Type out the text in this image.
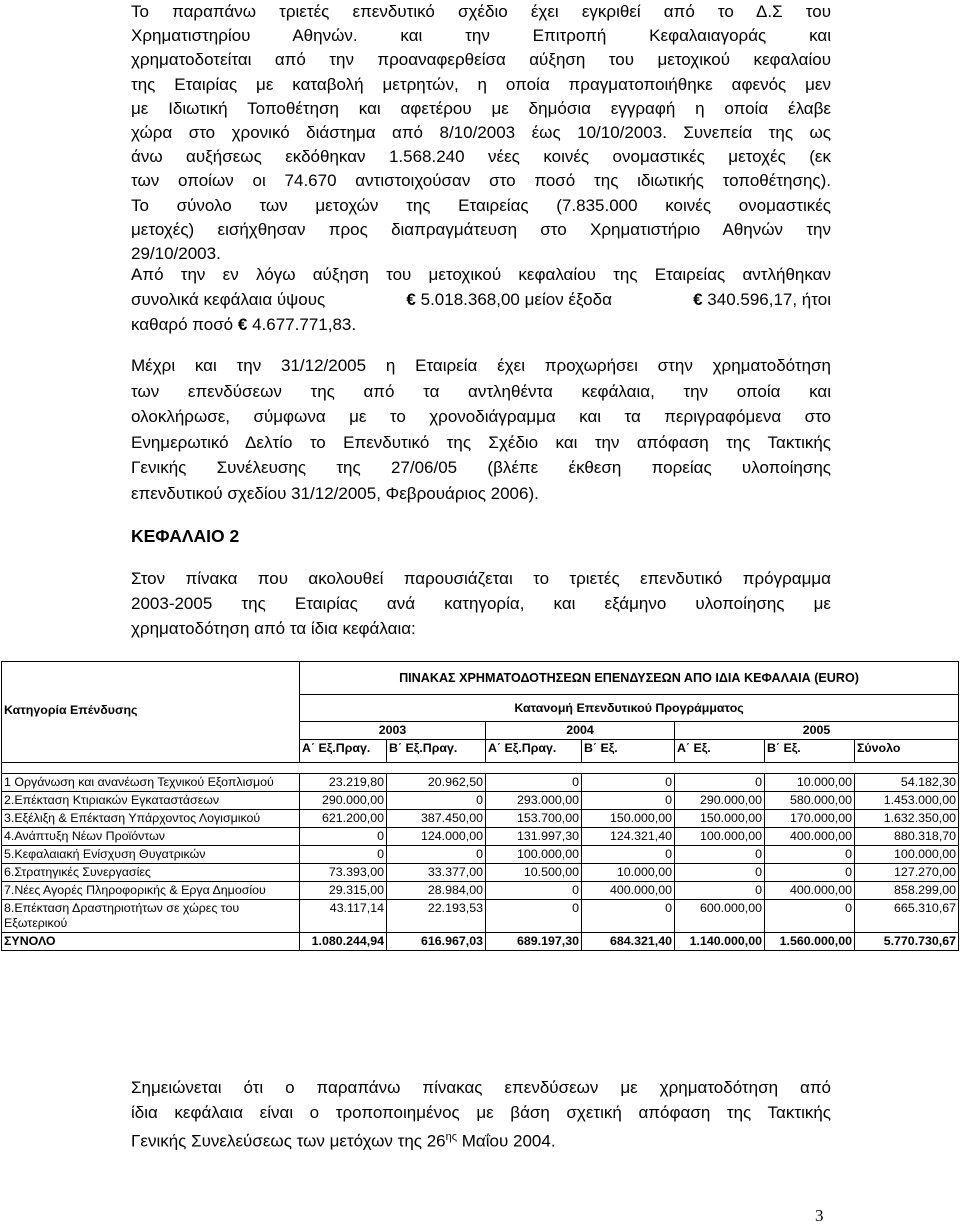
Το παραπάνω τριετές επενδυτικό σχέδιο έχει εγκριθεί από το Δ.Σ του
Χρηματιστηρίου Αθηνών. και την Επιτροπή Κεφαλαιαγοράς και
χρηματοδοτείται από την προαναφερθείσα αύξηση του μετοχικού κεφαλαίου
της Εταιρίας με καταβολή μετρητών, η οποία πραγματοποιήθηκε αφενός μεν
με Ιδιωτική Τοποθέτηση και αφετέρου με δημόσια εγγραφή η οποία έλαβε
χώρα στο χρονικό διάστημα από 8/10/2003 έως 10/10/2003. Συνεπεία της ως
άνω αυξήσεως εκδόθηκαν 1.568.240 νέες κοινές ονομαστικές μετοχές (εκ
των οποίων οι 74.670 αντιστοιχούσαν στο ποσό της ιδιωτικής τοποθέτησης).
Το σύνολο των μετοχών της Εταιρείας (7.835.000 κοινές ονομαστικές
μετοχές) εισήχθησαν προς διαπραγμάτευση στο Χρηματιστήριο Αθηνών την
29/10/2003.
Από την εν λόγω αύξηση του μετοχικού κεφαλαίου της Εταιρείας αντλήθηκαν
συνολικά κεφάλαια ύψους	€ 5.018.368,00 μείον έξοδα	€ 340.596,17, ήτοι
καθαρό ποσό € 4.677.771,83.
Μέχρι και την 31/12/2005 η Εταιρεία έχει προχωρήσει στην χρηματοδότηση
των επενδύσεων της από τα αντληθέντα κεφάλαια, την οποία και
ολοκλήρωσε, σύμφωνα με το χρονοδιάγραμμα και τα περιγραφόμενα στο
Ενημερωτικό Δελτίο το Επενδυτικό της Σχέδιο και την απόφαση της Τακτικής
Γενικής Συνέλευσης της 27/06/05 (βλέπε έκθεση πορείας υλοποίησης
επενδυτικού σχεδίου 31/12/2005, Φεβρουάριος 2006).
ΚΕΦΑΛΑΙΟ 2
Στον πίνακα που ακολουθεί παρουσιάζεται το τριετές επενδυτικό πρόγραμμα
2003-2005 της Εταιρίας ανά κατηγορία, και εξάμηνο υλοποίησης με
χρηματοδότηση από τα ίδια κεφάλαια:
	ΠΙΝΑΚΑΣ ΧΡΗΜΑΤΟΔΟΤΗΣΕΩΝ ΕΠΕΝΔΥΣΕΩΝ ΑΠΟ ΙΔΙΑ ΚΕΦΑΛΑΙΑ (EURO)						
Κατηγορία Επένδυσης	Κατανομή Επενδυτικού Προγράμματος						
	2003		2004		2005		
	Α΄ Εξ.Πραγ.	Β΄ Εξ.Πραγ.	Α΄ Εξ.Πραγ.	Β΄ Εξ.	Α΄ Εξ.	Β΄ Εξ.	Σύνολο

1 Οργάνωση και ανανέωση Τεχνικού Εξοπλισμού	23.219,80	20.962,50	0	0	0	10.000,00	54.182,30
2.Επέκταση Κτιριακών Εγκαταστάσεων	290.000,00	0	293.000,00	0	290.000,00	580.000,00	1.453.000,00
3.Εξέλιξη & Επέκταση Υπάρχοντος Λογισμικού	621.200,00	387.450,00	153.700,00	150.000,00	150.000,00	170.000,00	1.632.350,00
4.Ανάπτυξη Νέων Προϊόντων	0	124.000,00	131.997,30	124.321,40	100.000,00	400.000,00	880.318,70
5.Κεφαλαιακή Ενίσχυση Θυγατρικών	0	0	100.000,00	0	0	0	100.000,00
6.Στρατηγικές Συνεργασίες	73.393,00	33.377,00	10.500,00	10.000,00	0	0	127.270,00
7.Νέες Αγορές Πληροφορικής & Εργα Δημοσίου	29.315,00	28.984,00	0	400.000,00	0	400.000,00	858.299,00
8.Επέκταση Δραστηριοτήτων σε χώρες του Εξωτερικού	43.117,14	22.193,53	0	0	600.000,00	0	665.310,67
ΣΥΝΟΛΟ	1.080.244,94	616.967,03	689.197,30	684.321,40	1.140.000,00	1.560.000,00	5.770.730,67
Σημειώνεται ότι ο παραπάνω πίνακας επενδύσεων με χρηματοδότηση από
ίδια κεφάλαια είναι ο τροποποιημένος με βάση σχετική απόφαση της Τακτικής
Γενικής Συνελεύσεως των μετόχων της $26^{\eta\varsigma}$ Μαΐου 2004.
3
